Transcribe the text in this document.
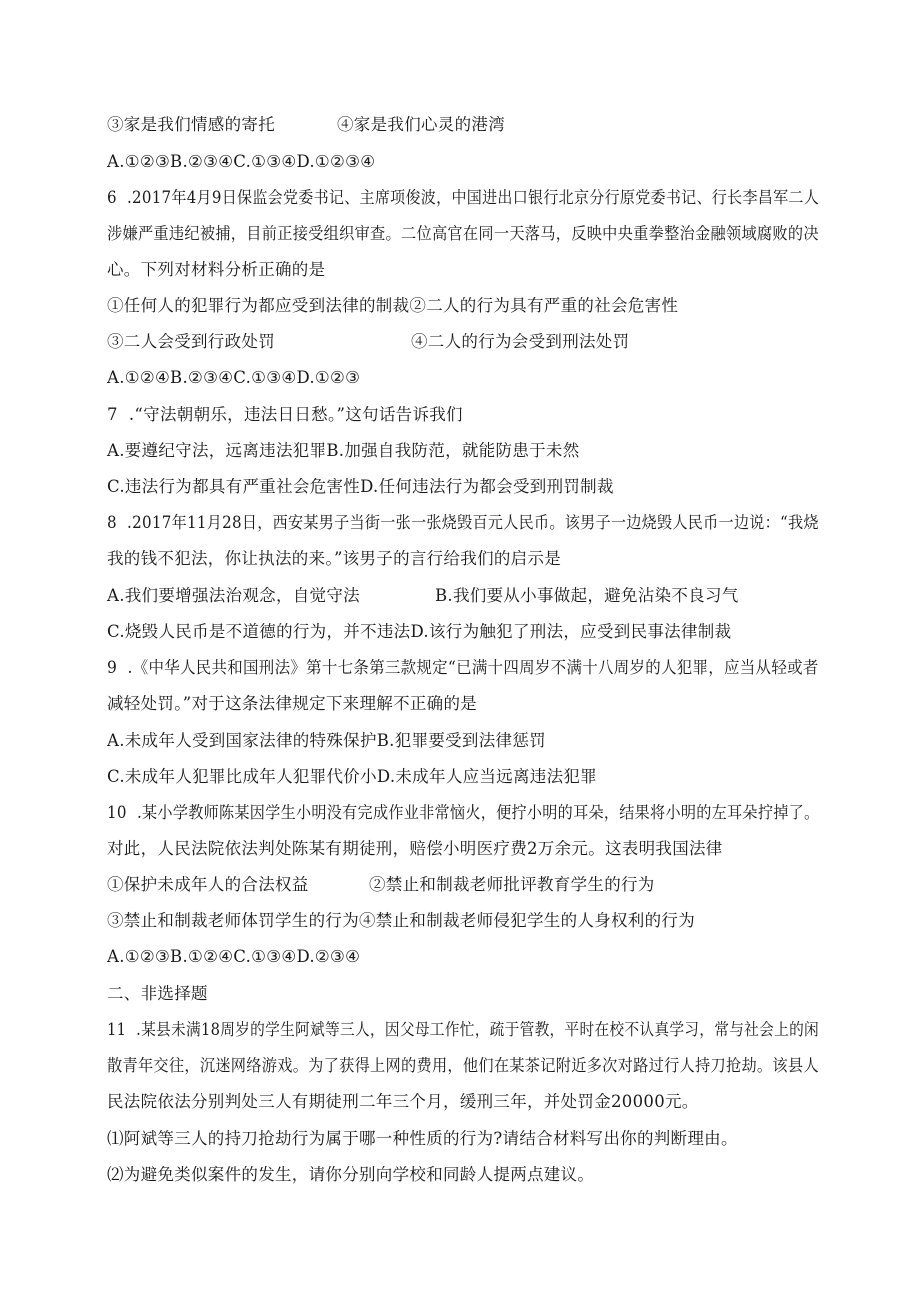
③家是我们情感的寄托	④家是我们心灵的港湾
A.①②③B.②③④C.①③④D.①②③④
6  .2017年4月9日保监会党委书记、主席项俊波，中国进出口银行北京分行原党委书记、行长李昌军二人
涉嫌严重违纪被捕，目前正接受组织审查。二位高官在同一天落马，反映中央重拳整治金融领域腐败的决
心。下列对材料分析正确的是
①任何人的犯罪行为都应受到法律的制裁②二人的行为具有严重的社会危害性
③二人会受到行政处罚	④二人的行为会受到刑法处罚
A.①②④B.②③④C.①③④D.①②③
7  .“守法朝朝乐，违法日日愁。”这句话告诉我们
A.要遵纪守法，远离违法犯罪B.加强自我防范，就能防患于未然
C.违法行为都具有严重社会危害性D.任何违法行为都会受到刑罚制裁
8  .2017年11月28日，西安某男子当街一张一张烧毁百元人民币。该男子一边烧毁人民币一边说：“我烧
我的钱不犯法，你让执法的来。”该男子的言行给我们的启示是
A.我们要增强法治观念，自觉守法	B.我们要从小事做起，避免沾染不良习气
C.烧毁人民币是不道德的行为，并不违法D.该行为触犯了刑法，应受到民事法律制裁
9  .《中华人民共和国刑法》第十七条第三款规定“已满十四周岁不满十八周岁的人犯罪，应当从轻或者
减轻处罚。”对于这条法律规定下来理解不正确的是
A.未成年人受到国家法律的特殊保护B.犯罪要受到法律惩罚
C.未成年人犯罪比成年人犯罪代价小D.未成年人应当远离违法犯罪
10  .某小学教师陈某因学生小明没有完成作业非常恼火，便拧小明的耳朵，结果将小明的左耳朵拧掉了。
对此，人民法院依法判处陈某有期徒刑，赔偿小明医疗费2万余元。这表明我国法律
①保护未成年人的合法权益	②禁止和制裁老师批评教育学生的行为
③禁止和制裁老师体罚学生的行为④禁止和制裁老师侵犯学生的人身权利的行为
A.①②③B.①②④C.①③④D.②③④
二、非选择题
11  .某县未满18周岁的学生阿斌等三人，因父母工作忙，疏于管教，平时在校不认真学习，常与社会上的闲
散青年交往，沉迷网络游戏。为了获得上网的费用，他们在某茶记附近多次对路过行人持刀抢劫。该县人
民法院依法分别判处三人有期徒刑二年三个月，缓刑三年，并处罚金20000元。
⑴阿斌等三人的持刀抢劫行为属于哪一种性质的行为?请结合材料写出你的判断理由。
⑵为避免类似案件的发生，请你分别向学校和同龄人提两点建议。
